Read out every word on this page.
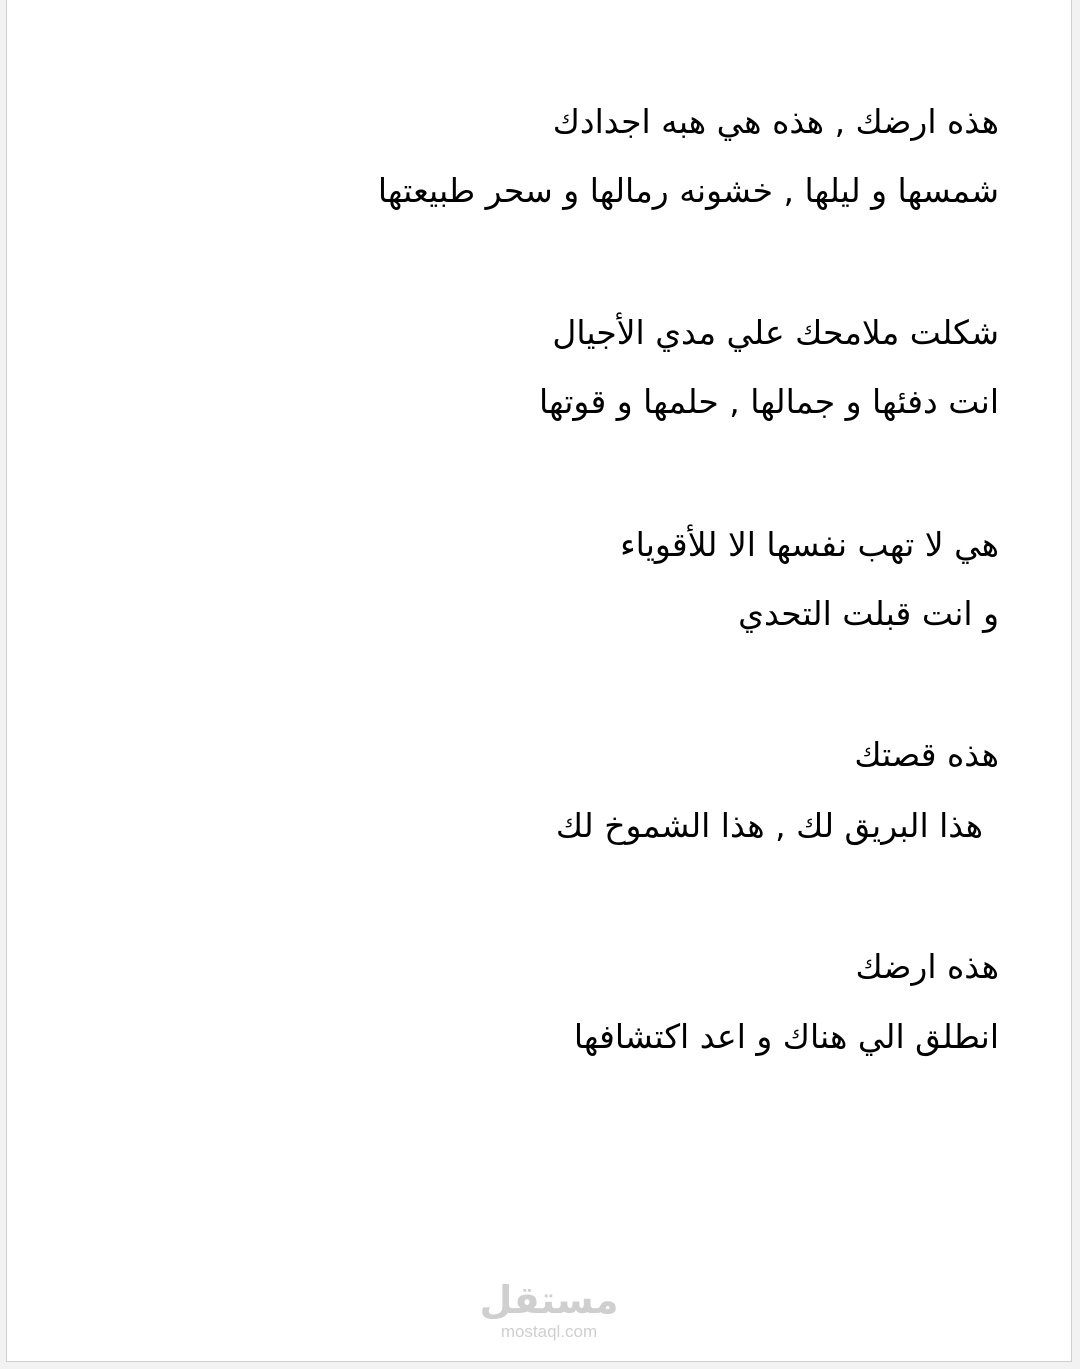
هذه ارضك , هذه هي هبه اجدادك
شمسها و ليلها , خشونه رمالها و سحر طبيعتها
شكلت ملامحك علي مدي الأجيال
انت دفئها و جمالها , حلمها و قوتها
هي لا تهب نفسها الا للأقوياء
و انت قبلت التحدي
هذه قصتك
هذا البريق لك , هذا الشموخ لك
هذه ارضك
انطلق الي هناك و اعد اكتشافها
مستقل
mostaql.com
